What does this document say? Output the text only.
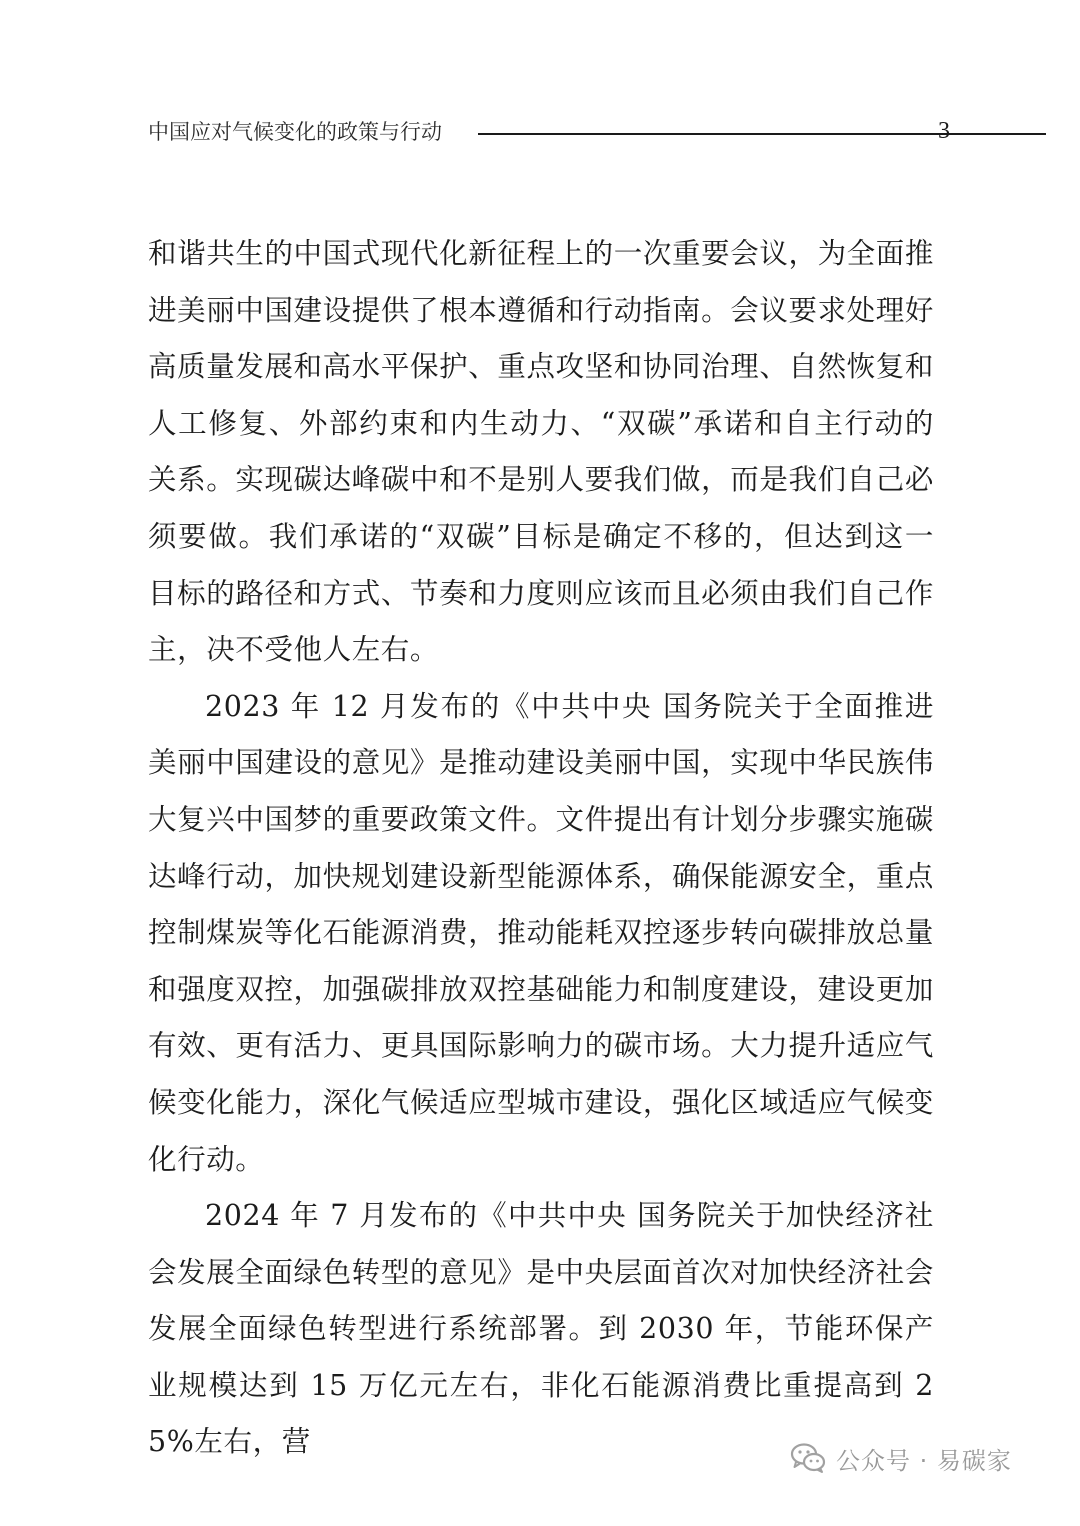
中国应对气候变化的政策与行动	3

和谐共生的中国式现代化新征程上的一次重要会议，为全面推进美丽中国建设提供了根本遵循和行动指南。会议要求处理好高质量发展和高水平保护、重点攻坚和协同治理、自然恢复和人工修复、外部约束和内生动力、“双碳”承诺和自主行动的关系。实现碳达峰碳中和不是别人要我们做，而是我们自己必须要做。我们承诺的“双碳”目标是确定不移的，但达到这一目标的路径和方式、节奏和力度则应该而且必须由我们自己作主，决不受他人左右。

2023 年 12 月发布的《中共中央 国务院关于全面推进美丽中国建设的意见》是推动建设美丽中国，实现中华民族伟大复兴中国梦的重要政策文件。文件提出有计划分步骤实施碳达峰行动，加快规划建设新型能源体系，确保能源安全，重点控制煤炭等化石能源消费，推动能耗双控逐步转向碳排放总量和强度双控，加强碳排放双控基础能力和制度建设，建设更加有效、更有活力、更具国际影响力的碳市场。大力提升适应气候变化能力，深化气候适应型城市建设，强化区域适应气候变化行动。

2024 年 7 月发布的《中共中央 国务院关于加快经济社会发展全面绿色转型的意见》是中央层面首次对加快经济社会发展全面绿色转型进行系统部署。到 2030 年，节能环保产业规模达到 15 万亿元左右，非化石能源消费比重提高到 25%左右，营

公众号 · 易碳家
